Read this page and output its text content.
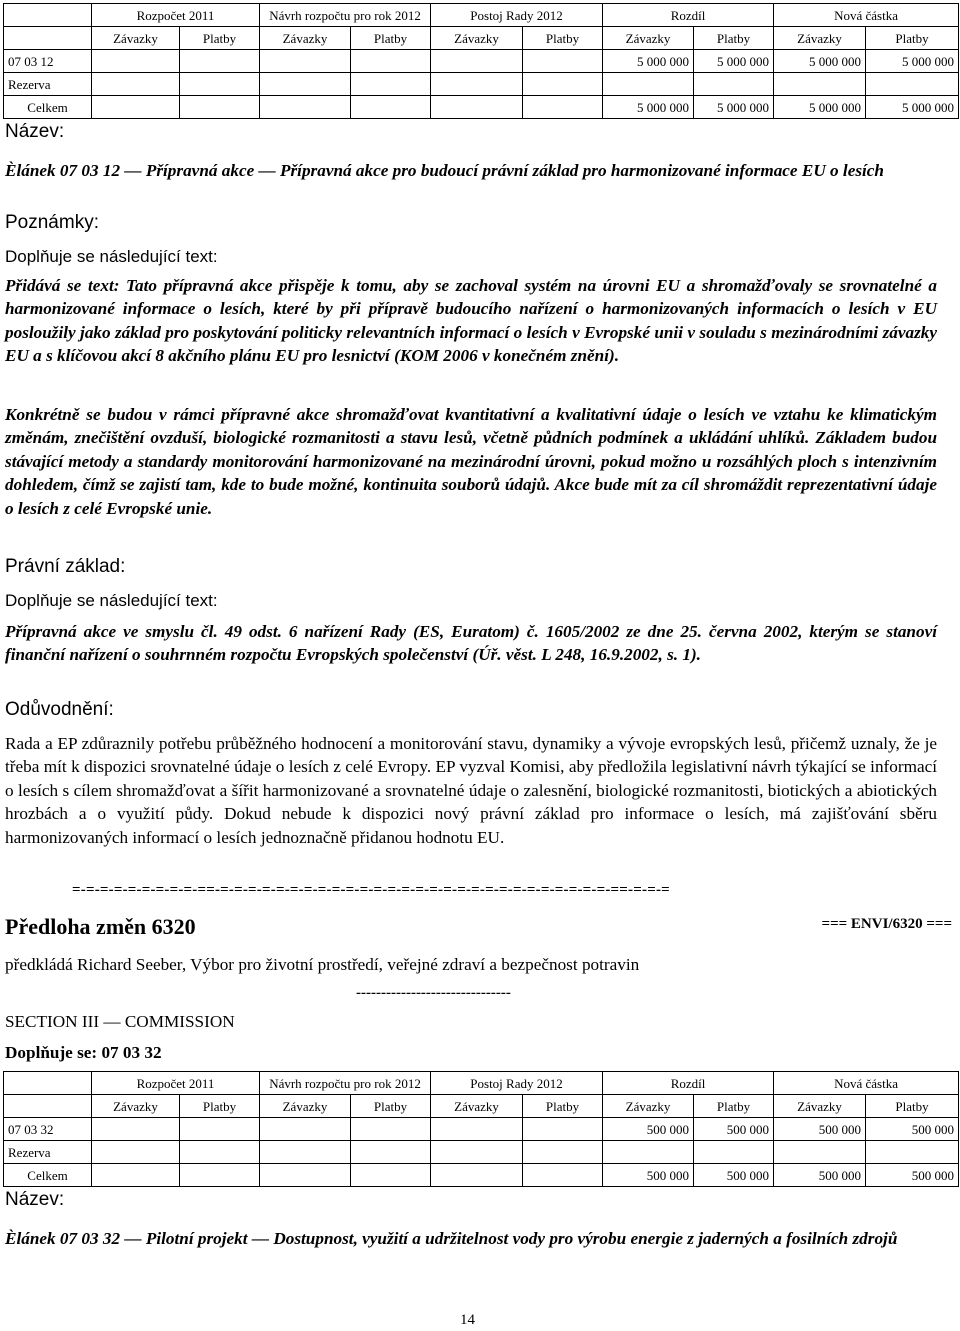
	Rozpočet 2011		Návrh rozpočtu pro rok 2012		Postoj Rady 2012		Rozdíl		Nová částka	
	Závazky	Platby	Závazky	Platby	Závazky	Platby	Závazky	Platby	Závazky	Platby
07 03 12							5 000 000	5 000 000	5 000 000	5 000 000
Rezerva										
Celkem							5 000 000	5 000 000	5 000 000	5 000 000
Název:

Èlánek 07 03 12 — Přípravná akce — Přípravná akce pro budoucí právní základ pro harmonizované informace EU o lesích

Poznámky:

Doplňuje se následující text:

Přidává se text: Tato přípravná akce přispěje k tomu, aby se zachoval systém na úrovni EU a shromažďovaly se srovnatelné a harmonizované informace o lesích, které by při přípravě budoucího nařízení o harmonizovaných informacích o lesích v EU posloužily jako základ pro poskytování politicky relevantních informací o lesích v Evropské unii v souladu s mezinárodními závazky EU a s klíčovou akcí 8 akčního plánu EU pro lesnictví (KOM 2006 v konečném znění).

Konkrétně se budou v rámci přípravné akce shromažďovat kvantitativní a kvalitativní údaje o lesích ve vztahu ke klimatickým změnám, znečištění ovzduší, biologické rozmanitosti a stavu lesů, včetně půdních podmínek a ukládání uhlíků. Základem budou stávající metody a standardy monitorování harmonizované na mezinárodní úrovni, pokud možno u rozsáhlých ploch s intenzivním dohledem, čímž se zajistí tam, kde to bude možné, kontinuita souborů údajů. Akce bude mít za cíl shromáždit reprezentativní údaje o lesích z celé Evropské unie.

Právní základ:

Doplňuje se následující text:

Přípravná akce ve smyslu čl. 49 odst. 6 nařízení Rady (ES, Euratom) č. 1605/2002 ze dne 25. června 2002, kterým se stanoví finanční nařízení o souhrnném rozpočtu Evropských společenství (Úř. věst. L 248, 16.9.2002, s. 1).

Odůvodnění:

Rada a EP zdůraznily potřebu průběžného hodnocení a monitorování stavu, dynamiky a vývoje evropských lesů, přičemž uznaly, že je třeba mít k dispozici srovnatelné údaje o lesích z celé Evropy. EP vyzval Komisi, aby předložila legislativní návrh týkající se informací o lesích s cílem shromažďovat a šířit harmonizované a srovnatelné údaje o zalesnění, biologické rozmanitosti, biotických a abiotických hrozbách a o využití půdy. Dokud nebude k dispozici nový právní základ pro informace o lesích, má zajišťování sběru harmonizovaných informací o lesích jednoznačně přidanou hodnotu EU.

=-=-=-=-=-=-=-=-=-==-=-=-=-=-=-=-=-=-=-=-=-=-=-=-=-=-=-=-=-=-=-=-=-=-=-=-=-=-==-=-=-=

Předloha změn 6320	=== ENVI/6320 ===

předkládá Richard Seeber, Výbor pro životní prostředí, veřejné zdraví a bezpečnost potravin

-------------------------------

SECTION III — COMMISSION

Doplňuje se: 07 03 32

	Rozpočet 2011		Návrh rozpočtu pro rok 2012		Postoj Rady 2012		Rozdíl		Nová částka	
	Závazky	Platby	Závazky	Platby	Závazky	Platby	Závazky	Platby	Závazky	Platby
07 03 32							500 000	500 000	500 000	500 000
Rezerva										
Celkem							500 000	500 000	500 000	500 000
Název:

Èlánek 07 03 32 — Pilotní projekt — Dostupnost, využití a udržitelnost vody pro výrobu energie z jaderných a fosilních zdrojů

14
